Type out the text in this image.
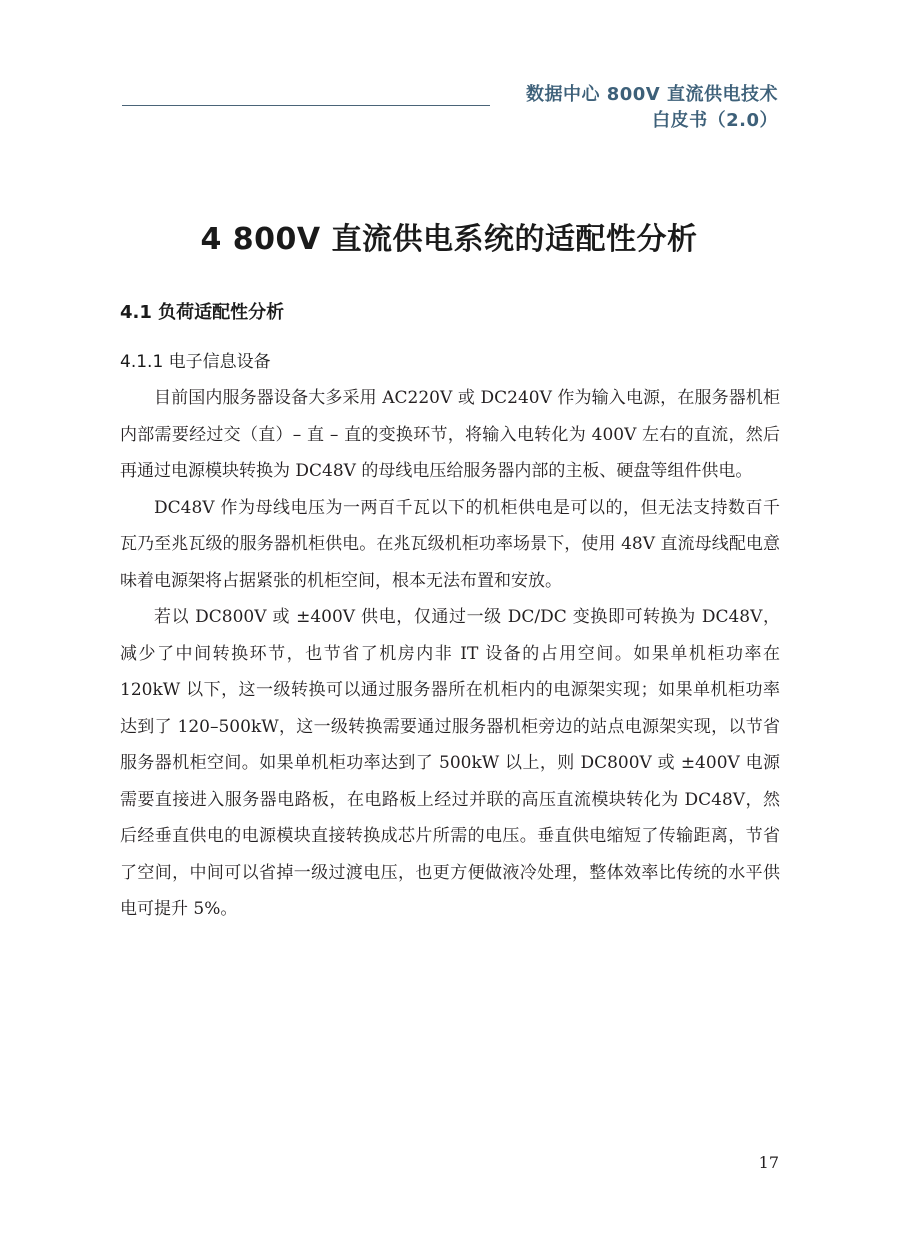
数据中心 800V 直流供电技术
白皮书（2.0）
4 800V 直流供电系统的适配性分析
4.1 负荷适配性分析
4.1.1 电子信息设备

目前国内服务器设备大多采用 AC220V 或 DC240V 作为输入电源，在服务器机柜内部需要经过交（直）– 直 – 直的变换环节，将输入电转化为 400V 左右的直流，然后再通过电源模块转换为 DC48V 的母线电压给服务器内部的主板、硬盘等组件供电。

DC48V 作为母线电压为一两百千瓦以下的机柜供电是可以的，但无法支持数百千瓦乃至兆瓦级的服务器机柜供电。在兆瓦级机柜功率场景下，使用 48V 直流母线配电意味着电源架将占据紧张的机柜空间，根本无法布置和安放。

若以 DC800V 或 ±400V 供电，仅通过一级 DC/DC 变换即可转换为 DC48V，减少了中间转换环节，也节省了机房内非 IT 设备的占用空间。如果单机柜功率在 120kW 以下，这一级转换可以通过服务器所在机柜内的电源架实现；如果单机柜功率达到了 120–500kW，这一级转换需要通过服务器机柜旁边的站点电源架实现，以节省服务器机柜空间。如果单机柜功率达到了 500kW 以上，则 DC800V 或 ±400V 电源需要直接进入服务器电路板，在电路板上经过并联的高压直流模块转化为 DC48V，然后经垂直供电的电源模块直接转换成芯片所需的电压。垂直供电缩短了传输距离，节省了空间，中间可以省掉一级过渡电压，也更方便做液冷处理，整体效率比传统的水平供电可提升 5%。

17
